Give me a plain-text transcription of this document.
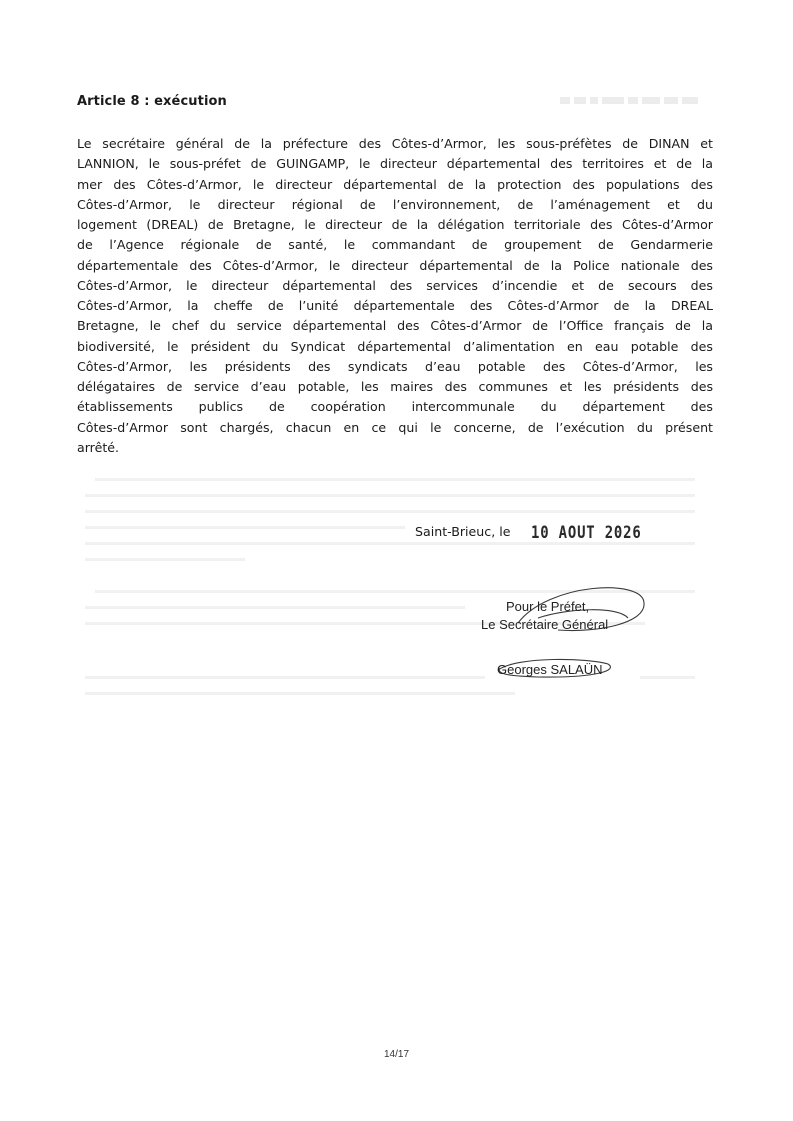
Article 8 : exécution
Le secrétaire général de la préfecture des Côtes-d’Armor, les sous-préfètes de DINAN et
LANNION, le sous-préfet de GUINGAMP, le directeur départemental des territoires et de la
mer des Côtes-d’Armor, le directeur départemental de la protection des populations des
Côtes-d’Armor, le directeur régional de l’environnement, de l’aménagement et du
logement (DREAL) de Bretagne, le directeur de la délégation territoriale des Côtes-d’Armor
de l’Agence régionale de santé, le commandant de groupement de Gendarmerie
départementale des Côtes-d’Armor, le directeur départemental de la Police nationale des
Côtes-d’Armor, le directeur départemental des services d’incendie et de secours des
Côtes-d’Armor, la cheffe de l’unité départementale des Côtes-d’Armor de la DREAL
Bretagne, le chef du service départemental des Côtes-d’Armor de l’Office français de la
biodiversité, le président du Syndicat départemental d’alimentation en eau potable des
Côtes-d’Armor, les présidents des syndicats d’eau potable des Côtes-d’Armor, les
délégataires de service d’eau potable, les maires des communes et les présidents des
établissements publics de coopération intercommunale du département des
Côtes-d’Armor sont chargés, chacun en ce qui le concerne, de l’exécution du présent
arrêté.
Saint-Brieuc, le 10 AOUT 2026
Pour le Préfet,
Le Secrétaire Général
Georges SALAÜN
14/17
